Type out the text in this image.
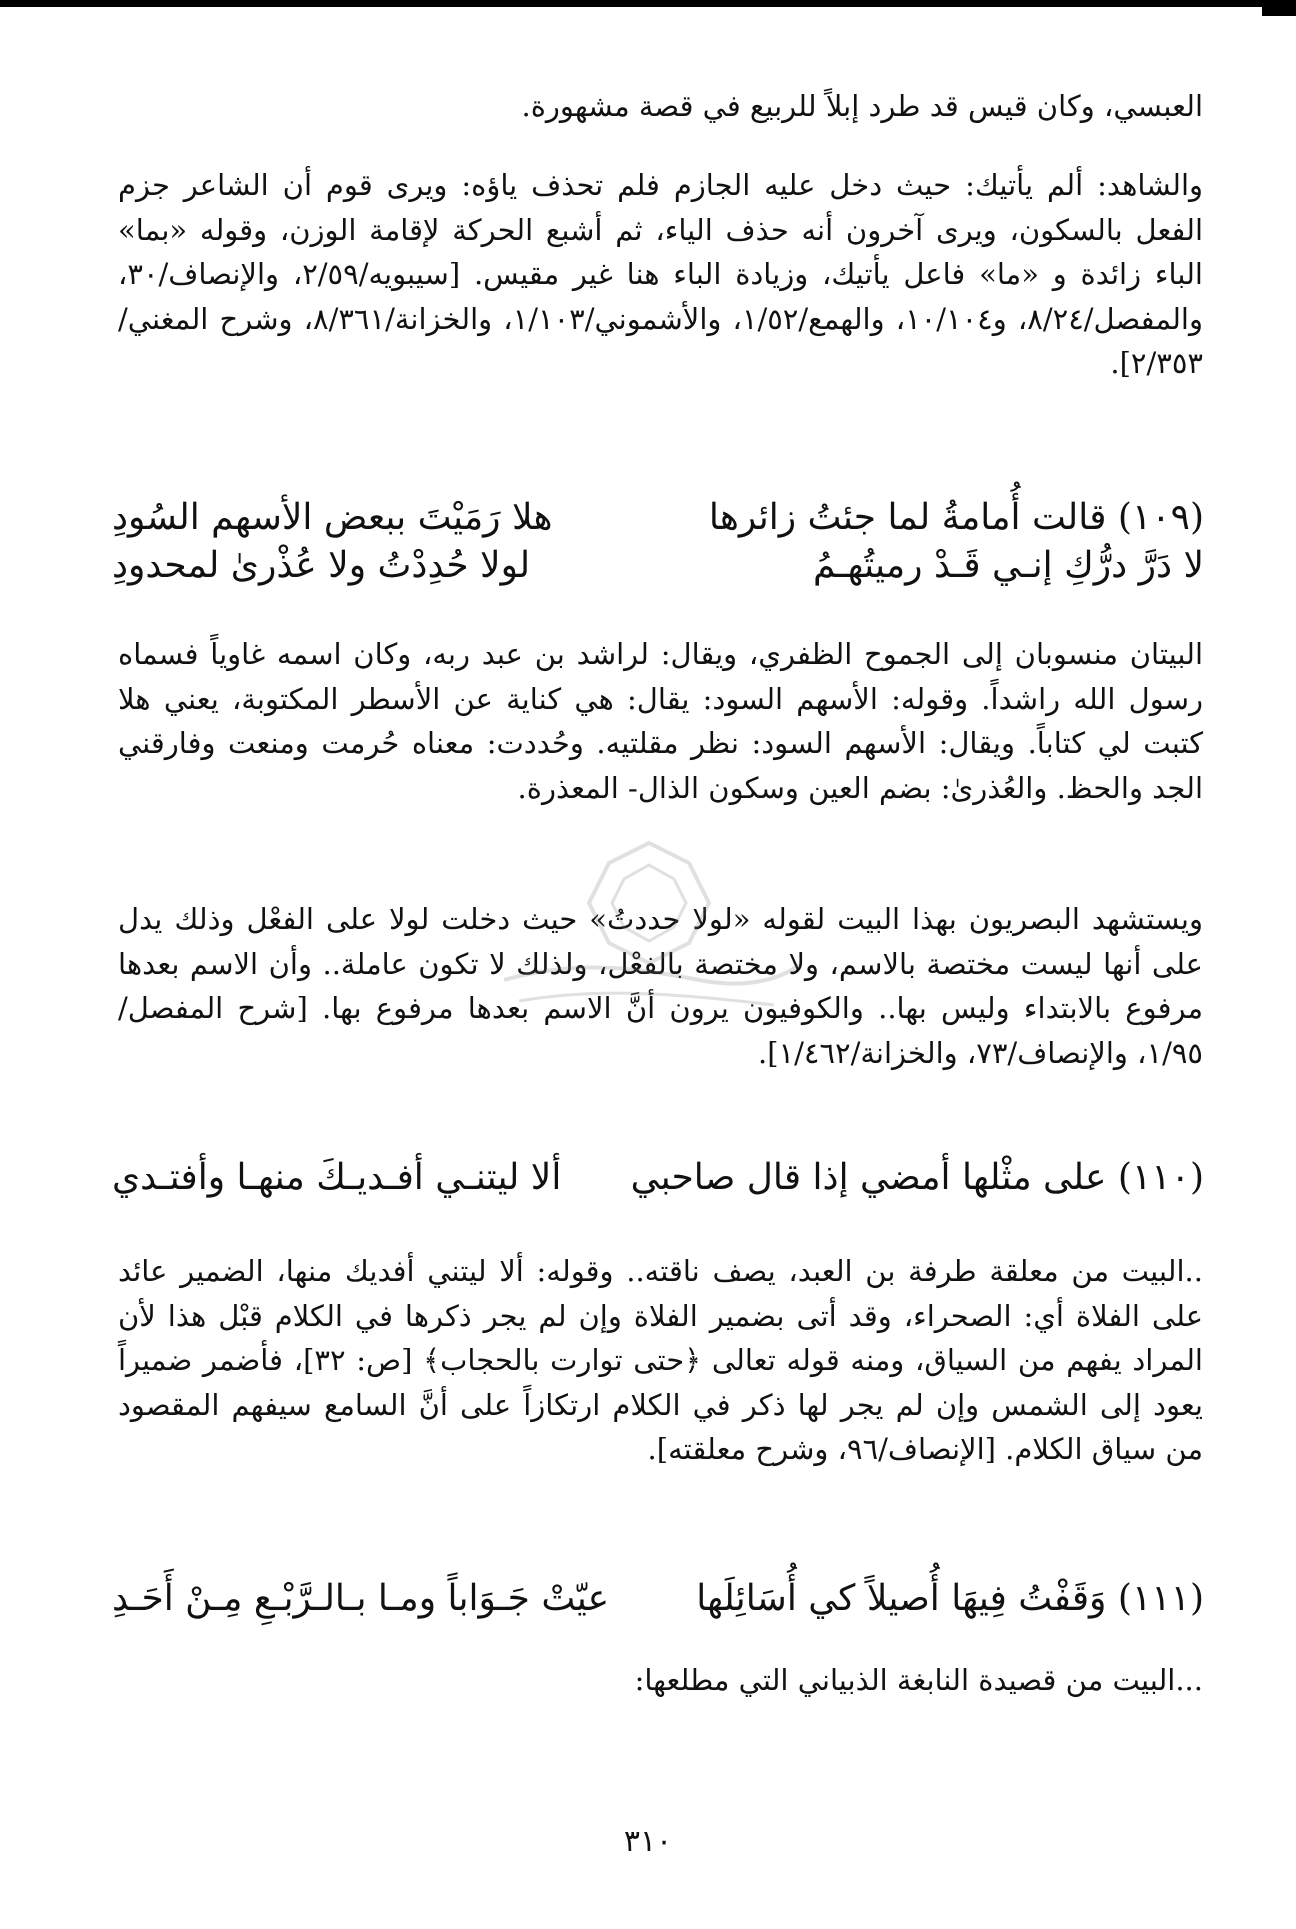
العبسي، وكان قيس قد طرد إبلاً للربيع في قصة مشهورة.
والشاهد: ألم يأتيك: حيث دخل عليه الجازم فلم تحذف ياؤه: ويرى قوم أن الشاعر جزم الفعل بالسكون، ويرى آخرون أنه حذف الياء، ثم أشبع الحركة لإقامة الوزن، وقوله «بما» الباء زائدة و «ما» فاعل يأتيك، وزيادة الباء هنا غير مقيس. [سيبويه/٢/٥٩، والإنصاف/٣٠، والمفصل/٨/٢٤، و١٠/١٠٤، والهمع/١/٥٢، والأشموني/١/١٠٣، والخزانة/٨/٣٦١، وشرح المغني/٢/٣٥٣].
(١٠٩) قالت أُمامةُ لما جئتُ زائرها
هلا رَمَيْتَ ببعض الأسهم السُودِ
لا دَرَّ درُّكِ إنـي قَـدْ رميتُهـمُ
لولا حُدِدْتُ ولا عُذْرىٰ لمحدودِ
البيتان منسوبان إلى الجموح الظفري، ويقال: لراشد بن عبد ربه، وكان اسمه غاوياً فسماه رسول الله راشداً. وقوله: الأسهم السود: يقال: هي كناية عن الأسطر المكتوبة، يعني هلا كتبت لي كتاباً. ويقال: الأسهم السود: نظر مقلتيه. وحُددت: معناه حُرمت ومنعت وفارقني الجد والحظ. والعُذرىٰ: بضم العين وسكون الذال- المعذرة.
ويستشهد البصريون بهذا البيت لقوله «لولا حددتُ» حيث دخلت لولا على الفعْل وذلك يدل على أنها ليست مختصة بالاسم، ولا مختصة بالفعْل، ولذلك لا تكون عاملة.. وأن الاسم بعدها مرفوع بالابتداء وليس بها.. والكوفيون يرون أنَّ الاسم بعدها مرفوع بها. [شرح المفصل/١/٩٥، والإنصاف/٧٣، والخزانة/١/٤٦٢].
(١١٠) على مثْلها أمضي إذا قال صاحبي
ألا ليتنـي أفـديـكَ منهـا وأفتـدي
..البيت من معلقة طرفة بن العبد، يصف ناقته.. وقوله: ألا ليتني أفديك منها، الضمير عائد على الفلاة أي: الصحراء، وقد أتى بضمير الفلاة وإن لم يجر ذكرها في الكلام قبْل هذا لأن المراد يفهم من السياق، ومنه قوله تعالى ﴿حتى توارت بالحجاب﴾ [ص: ٣٢]، فأضمر ضميراً يعود إلى الشمس وإن لم يجر لها ذكر في الكلام ارتكازاً على أنَّ السامع سيفهم المقصود من سياق الكلام. [الإنصاف/٩٦، وشرح معلقته].
(١١١) وَقَفْتُ فِيهَا أُصيلاً كي أُسَائِلَها
عيّتْ جَـوَاباً ومـا بـالـرَّبْـعِ مِـنْ أَحَـدِ
...البيت من قصيدة النابغة الذبياني التي مطلعها:
٣١٠
